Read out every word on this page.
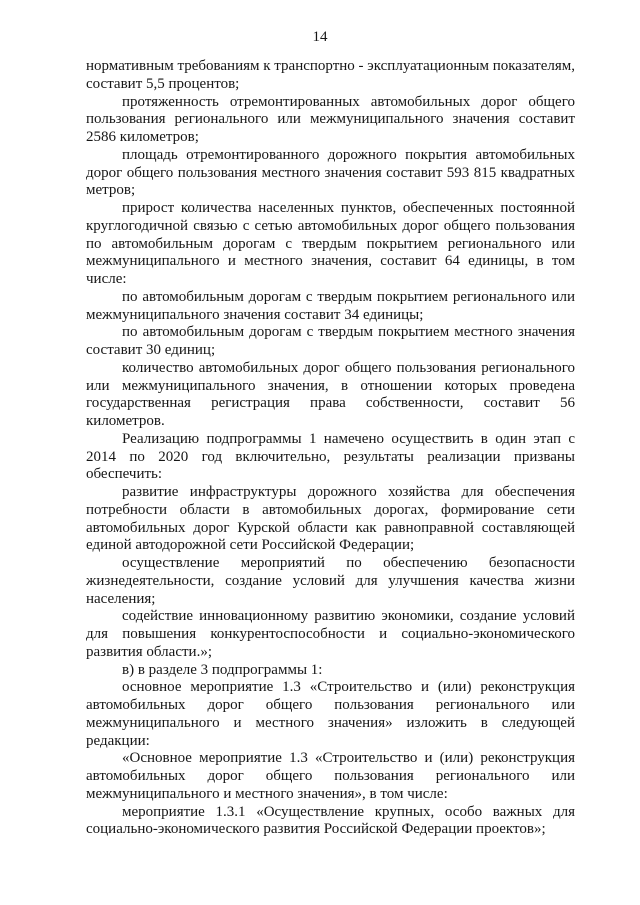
14

нормативным требованиям к транспортно - эксплуатационным показателям, составит 5,5 процентов;

протяженность отремонтированных автомобильных дорог общего пользования регионального или межмуниципального значения составит 2586 километров;

площадь отремонтированного дорожного покрытия автомобильных дорог общего пользования местного значения составит 593 815 квадратных метров;

прирост количества населенных пунктов, обеспеченных постоянной круглогодичной связью с сетью автомобильных дорог общего пользования по автомобильным дорогам с твердым покрытием регионального или межмуниципального и местного значения, составит 64 единицы, в том числе:

по автомобильным дорогам с твердым покрытием регионального или межмуниципального значения составит 34 единицы;

по автомобильным дорогам с твердым покрытием местного значения составит 30 единиц;

количество автомобильных дорог общего пользования регионального или межмуниципального значения, в отношении которых проведена государственная регистрация права собственности, составит 56 километров.

Реализацию подпрограммы 1 намечено осуществить в один этап с 2014 по 2020 год включительно, результаты реализации призваны обеспечить:

развитие инфраструктуры дорожного хозяйства для обеспечения потребности области в автомобильных дорогах, формирование сети автомобильных дорог Курской области как равноправной составляющей единой автодорожной сети Российской Федерации;

осуществление мероприятий по обеспечению безопасности жизнедеятельности, создание условий для улучшения качества жизни населения;

содействие инновационному развитию экономики, создание условий для повышения конкурентоспособности и социально-экономического развития области.»;

в) в разделе 3 подпрограммы 1:

основное мероприятие 1.3 «Строительство и (или) реконструкция автомобильных дорог общего пользования регионального или межмуниципального и местного значения» изложить в следующей редакции:

«Основное мероприятие 1.3 «Строительство и (или) реконструкция автомобильных дорог общего пользования регионального или межмуниципального и местного значения», в том числе:

мероприятие 1.3.1 «Осуществление крупных, особо важных для социально-экономического развития Российской Федерации проектов»;
